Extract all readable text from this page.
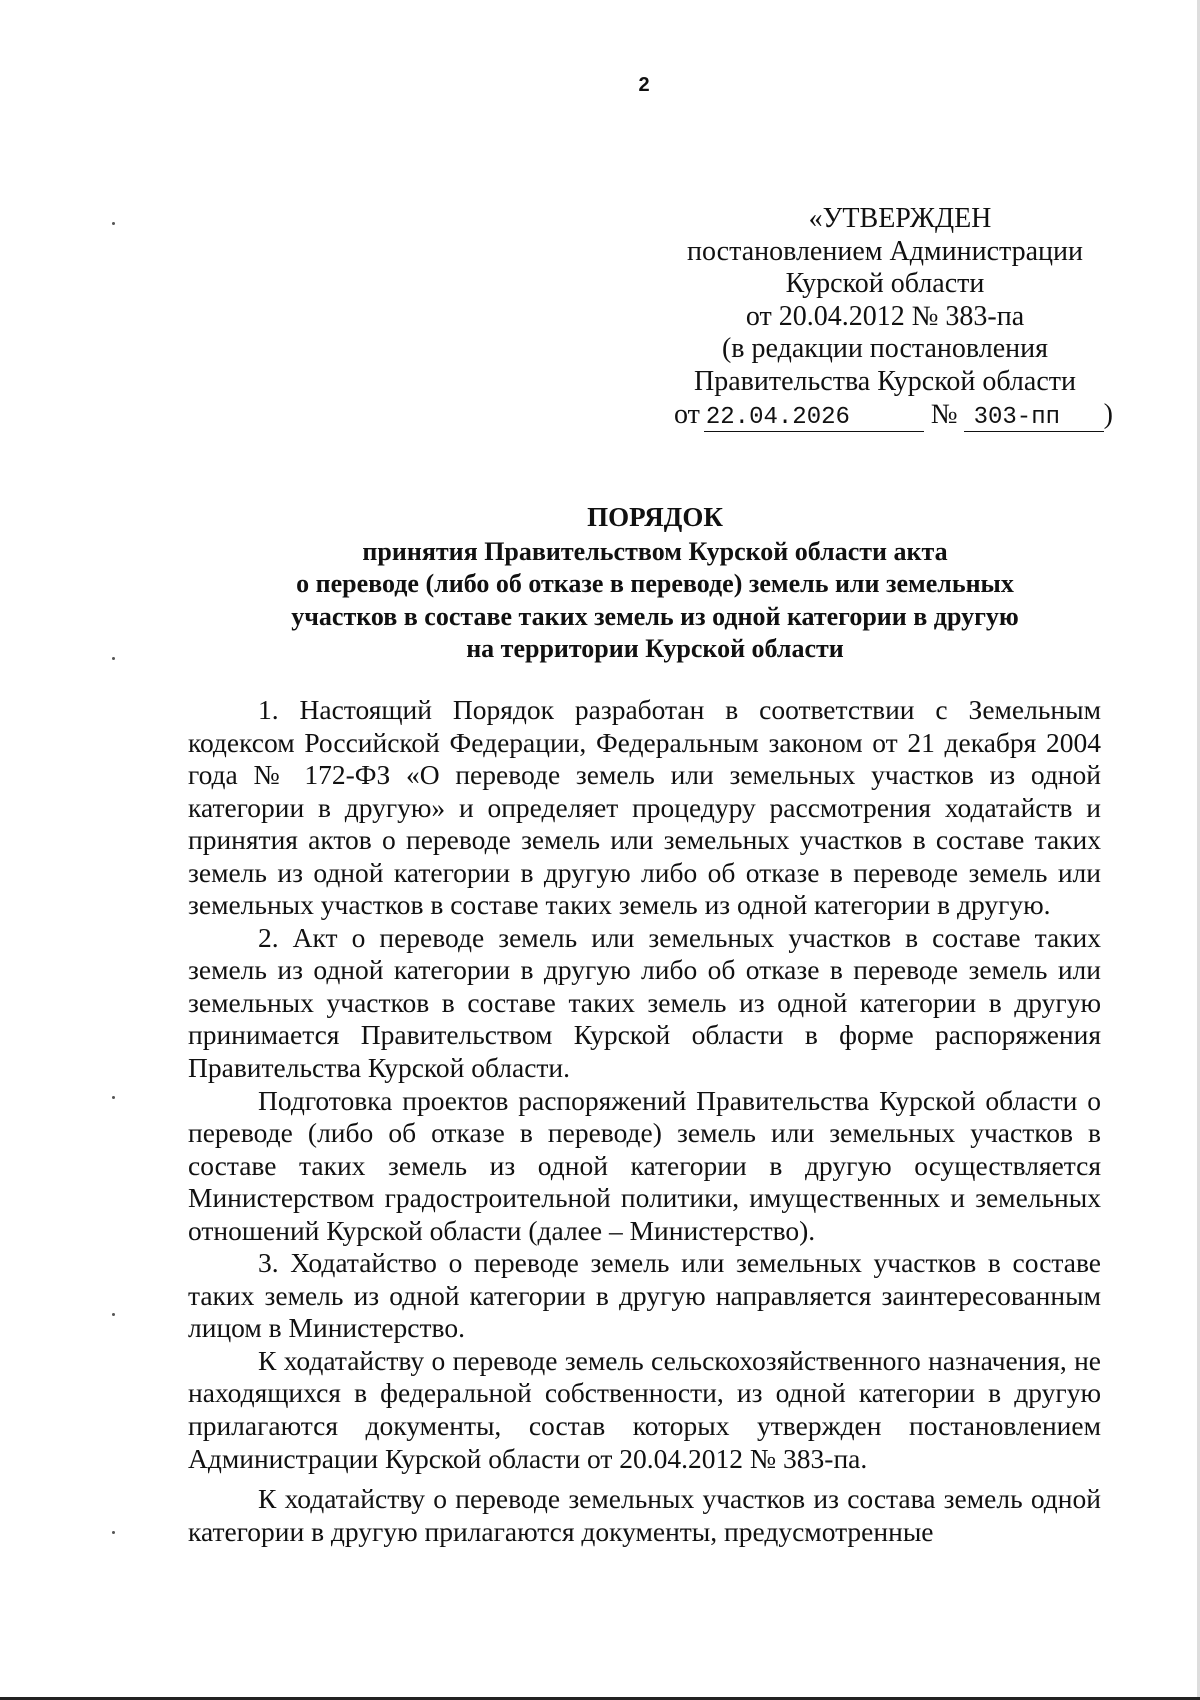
2
«УТВЕРЖДЕН
постановлением Администрации
Курской области
от 20.04.2012 № 383-па
(в редакции постановления
Правительства Курской области
от 22.04.2026	№ 303-пп )
ПОРЯДОК
принятия Правительством Курской области акта
о переводе (либо об отказе в переводе) земель или земельных
участков в составе таких земель из одной категории в другую
на территории Курской области

1. Настоящий Порядок разработан в соответствии с Земельным кодексом Российской Федерации, Федеральным законом от 21 декабря 2004 года № 172-ФЗ «О переводе земель или земельных участков из одной категории в другую» и определяет процедуру рассмотрения ходатайств и принятия актов о переводе земель или земельных участков в составе таких земель из одной категории в другую либо об отказе в переводе земель или земельных участков в составе таких земель из одной категории в другую.

2. Акт о переводе земель или земельных участков в составе таких земель из одной категории в другую либо об отказе в переводе земель или земельных участков в составе таких земель из одной категории в другую принимается Правительством Курской области в форме распоряжения Правительства Курской области.

Подготовка проектов распоряжений Правительства Курской области о переводе (либо об отказе в переводе) земель или земельных участков в составе таких земель из одной категории в другую осуществляется Министерством градостроительной политики, имущественных и земельных отношений Курской области (далее – Министерство).

3. Ходатайство о переводе земель или земельных участков в составе таких земель из одной категории в другую направляется заинтересованным лицом в Министерство.

К ходатайству о переводе земель сельскохозяйственного назначения, не находящихся в федеральной собственности, из одной категории в другую прилагаются документы, состав которых утвержден постановлением Администрации Курской области от 20.04.2012 № 383-па.

К ходатайству о переводе земельных участков из состава земель одной категории в другую прилагаются документы, предусмотренные
